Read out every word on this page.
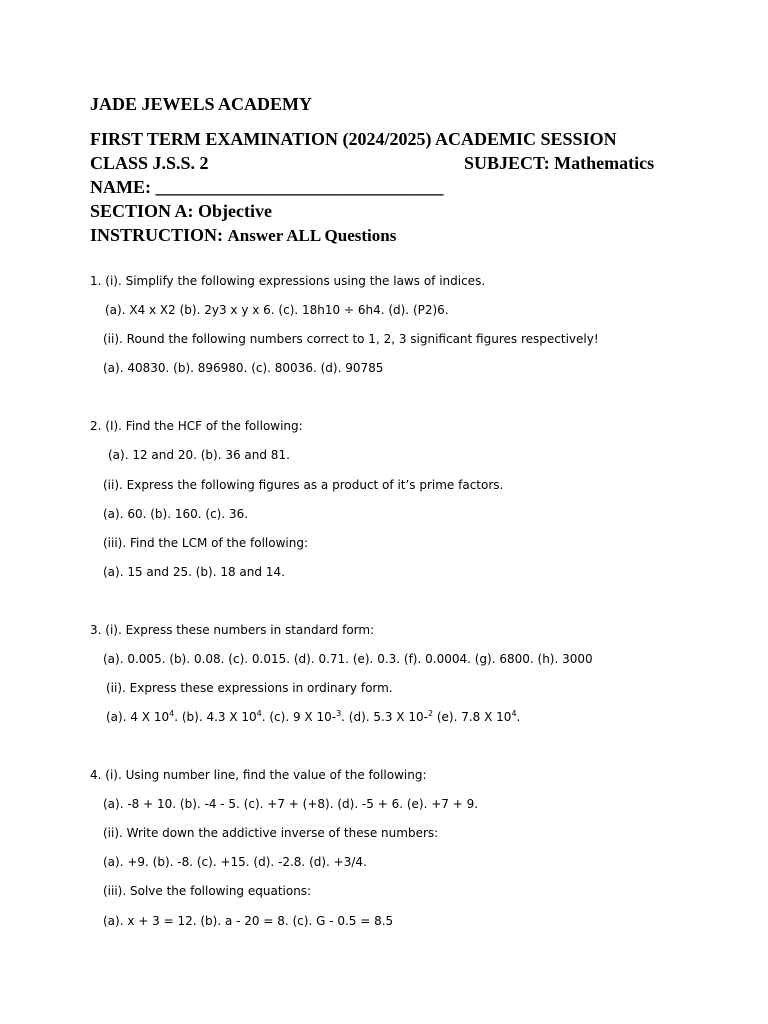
JADE JEWELS ACADEMY
FIRST TERM EXAMINATION (2024/2025) ACADEMIC SESSION
CLASS J.S.S. 2	SUBJECT: Mathematics
NAME: ________________________________
SECTION A: Objective
INSTRUCTION: Answer ALL Questions
1. (i). Simplify the following expressions using the laws of indices.
(a). X4 x X2 (b). 2y3 x y x 6. (c). 18h10 ÷ 6h4. (d). (P2)6.
(ii). Round the following numbers correct to 1, 2, 3 significant figures respectively!
(a). 40830. (b). 896980. (c). 80036. (d). 90785
2. (I). Find the HCF of the following:
(a). 12 and 20. (b). 36 and 81.
(ii). Express the following figures as a product of it’s prime factors.
(a). 60. (b). 160. (c). 36.
(iii). Find the LCM of the following:
(a). 15 and 25. (b). 18 and 14.
3. (i). Express these numbers in standard form:
(a). 0.005. (b). 0.08. (c). 0.015. (d). 0.71. (e). 0.3. (f). 0.0004. (g). 6800. (h). 3000
(ii). Express these expressions in ordinary form.
(a). 4 X $10^4$. (b). 4.3 X $10^4$. (c). 9 X 10-$^3$. (d). 5.3 X 10-$^2$ (e). 7.8 X $10^4$.
4. (i). Using number line, find the value of the following:
(a). -8 + 10. (b). -4 - 5. (c). +7 + (+8). (d). -5 + 6. (e). +7 + 9.
(ii). Write down the addictive inverse of these numbers:
(a). +9. (b). -8. (c). +15. (d). -2.8. (d). +3/4.
(iii). Solve the following equations:
(a). x + 3 = 12. (b). a - 20 = 8. (c). G - 0.5 = 8.5
